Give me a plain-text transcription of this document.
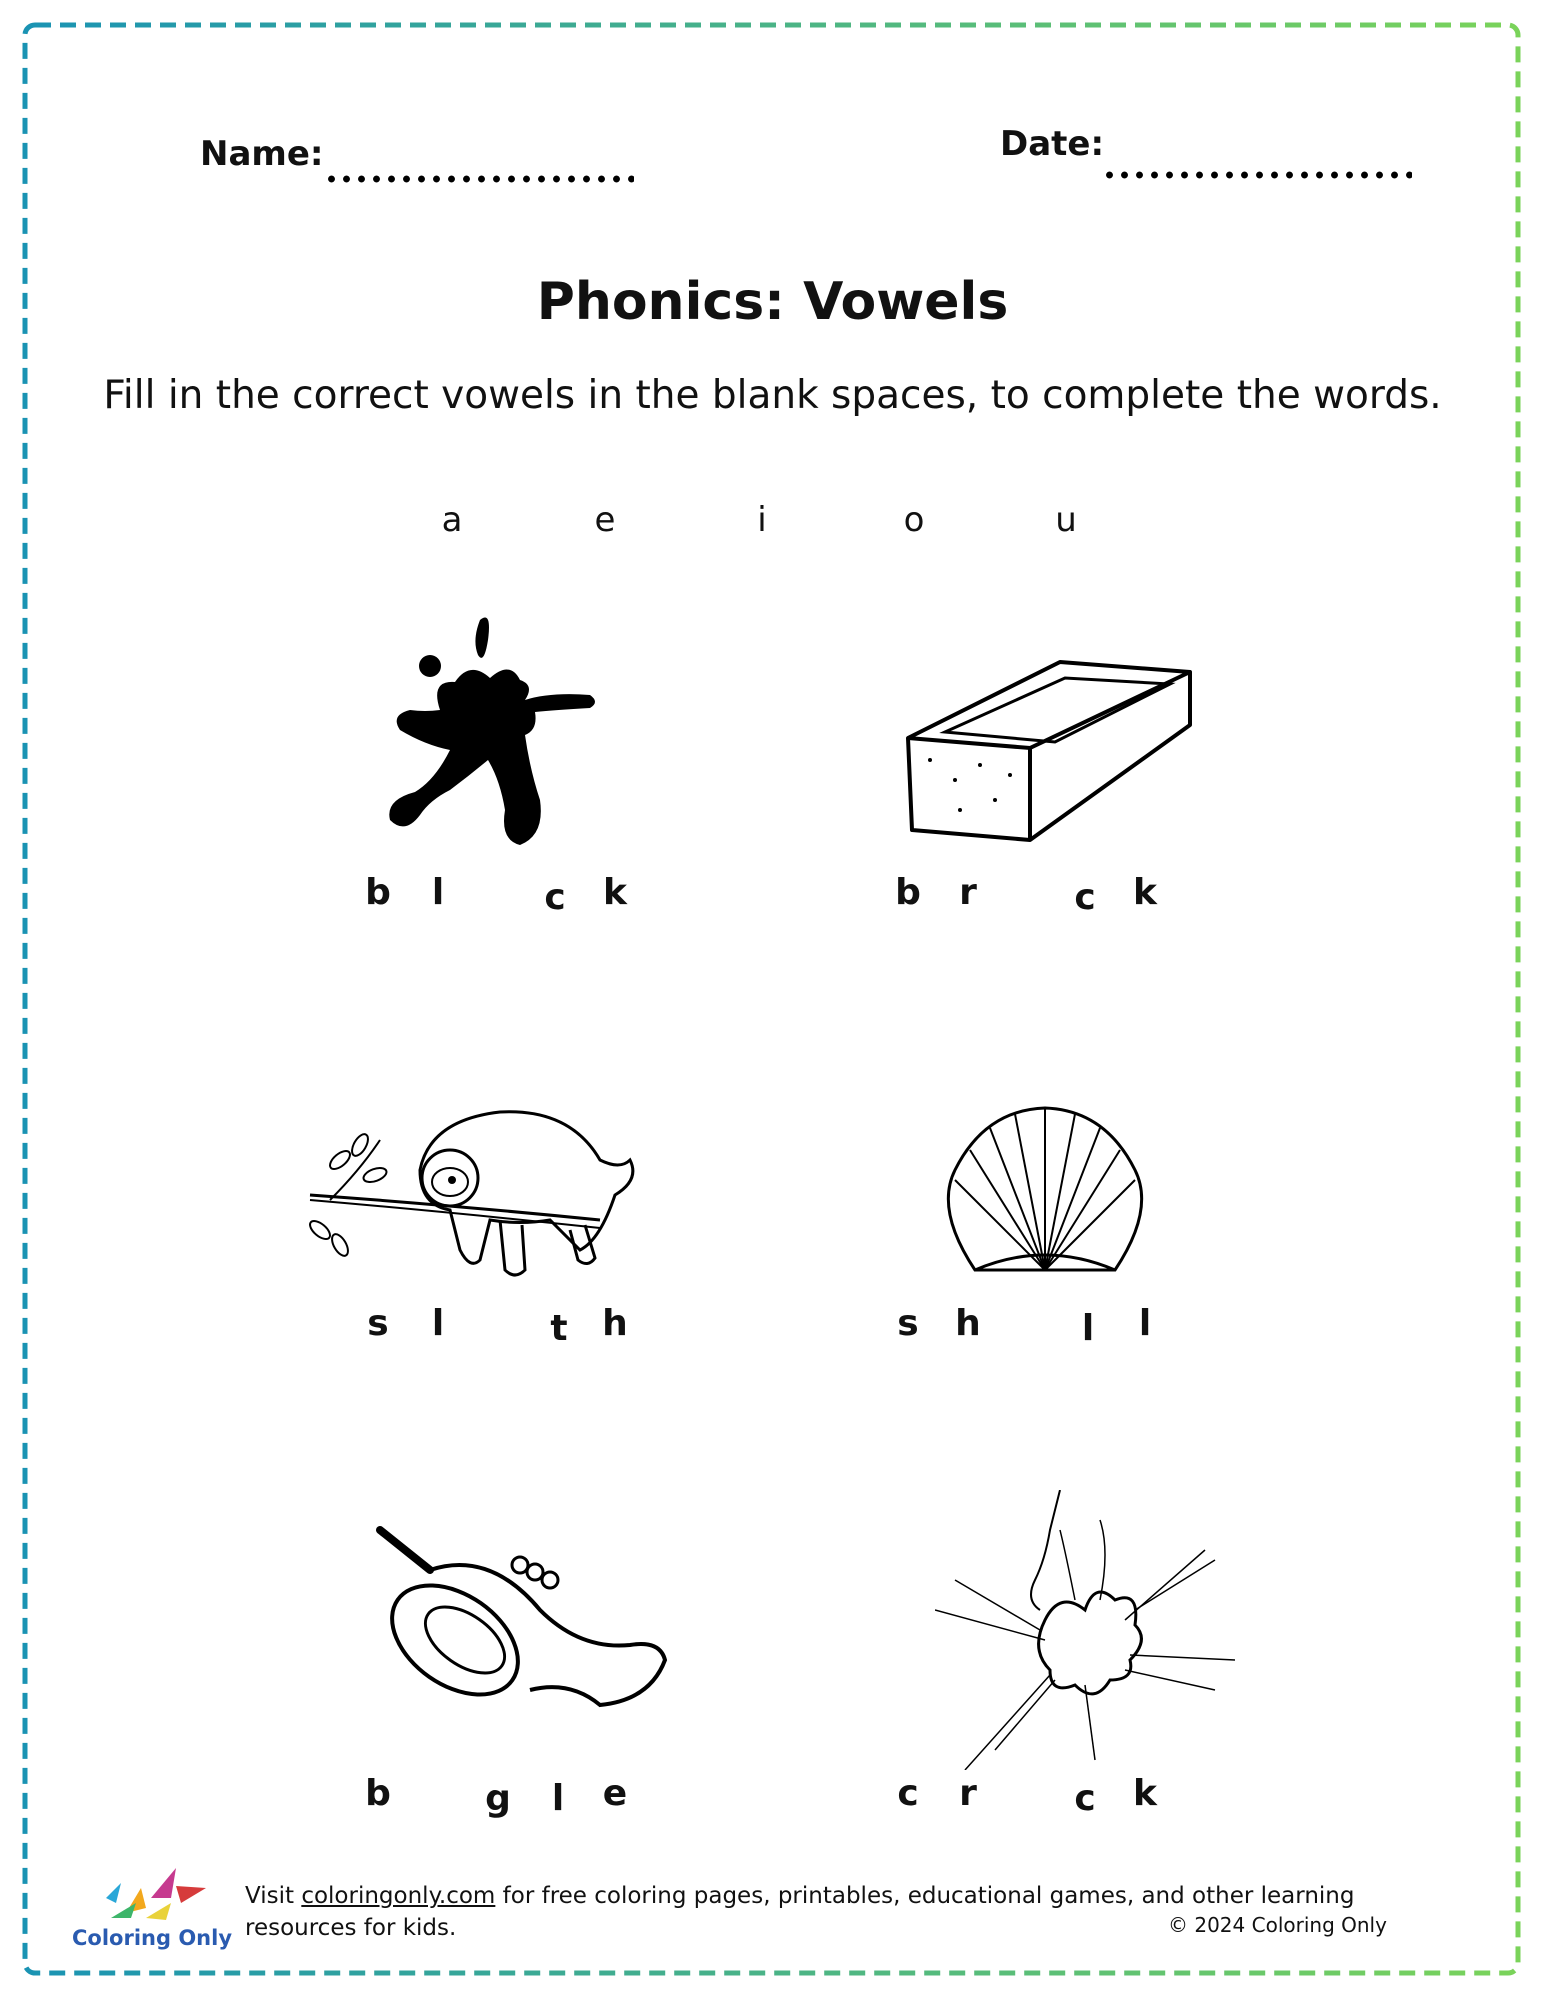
Name:	Date:
Phonics: Vowels
Fill in the correct vowels in the blank spaces, to complete the words.
a	e	i	o	u
b	l	c k	b r	c k
s	l	t h	s h	l	l
b	g	l	e	c r	c k
Coloring Only
Visit coloringonly.com for free coloring pages, printables, educational games, and other learning resources for kids.	© 2024 Coloring Only
